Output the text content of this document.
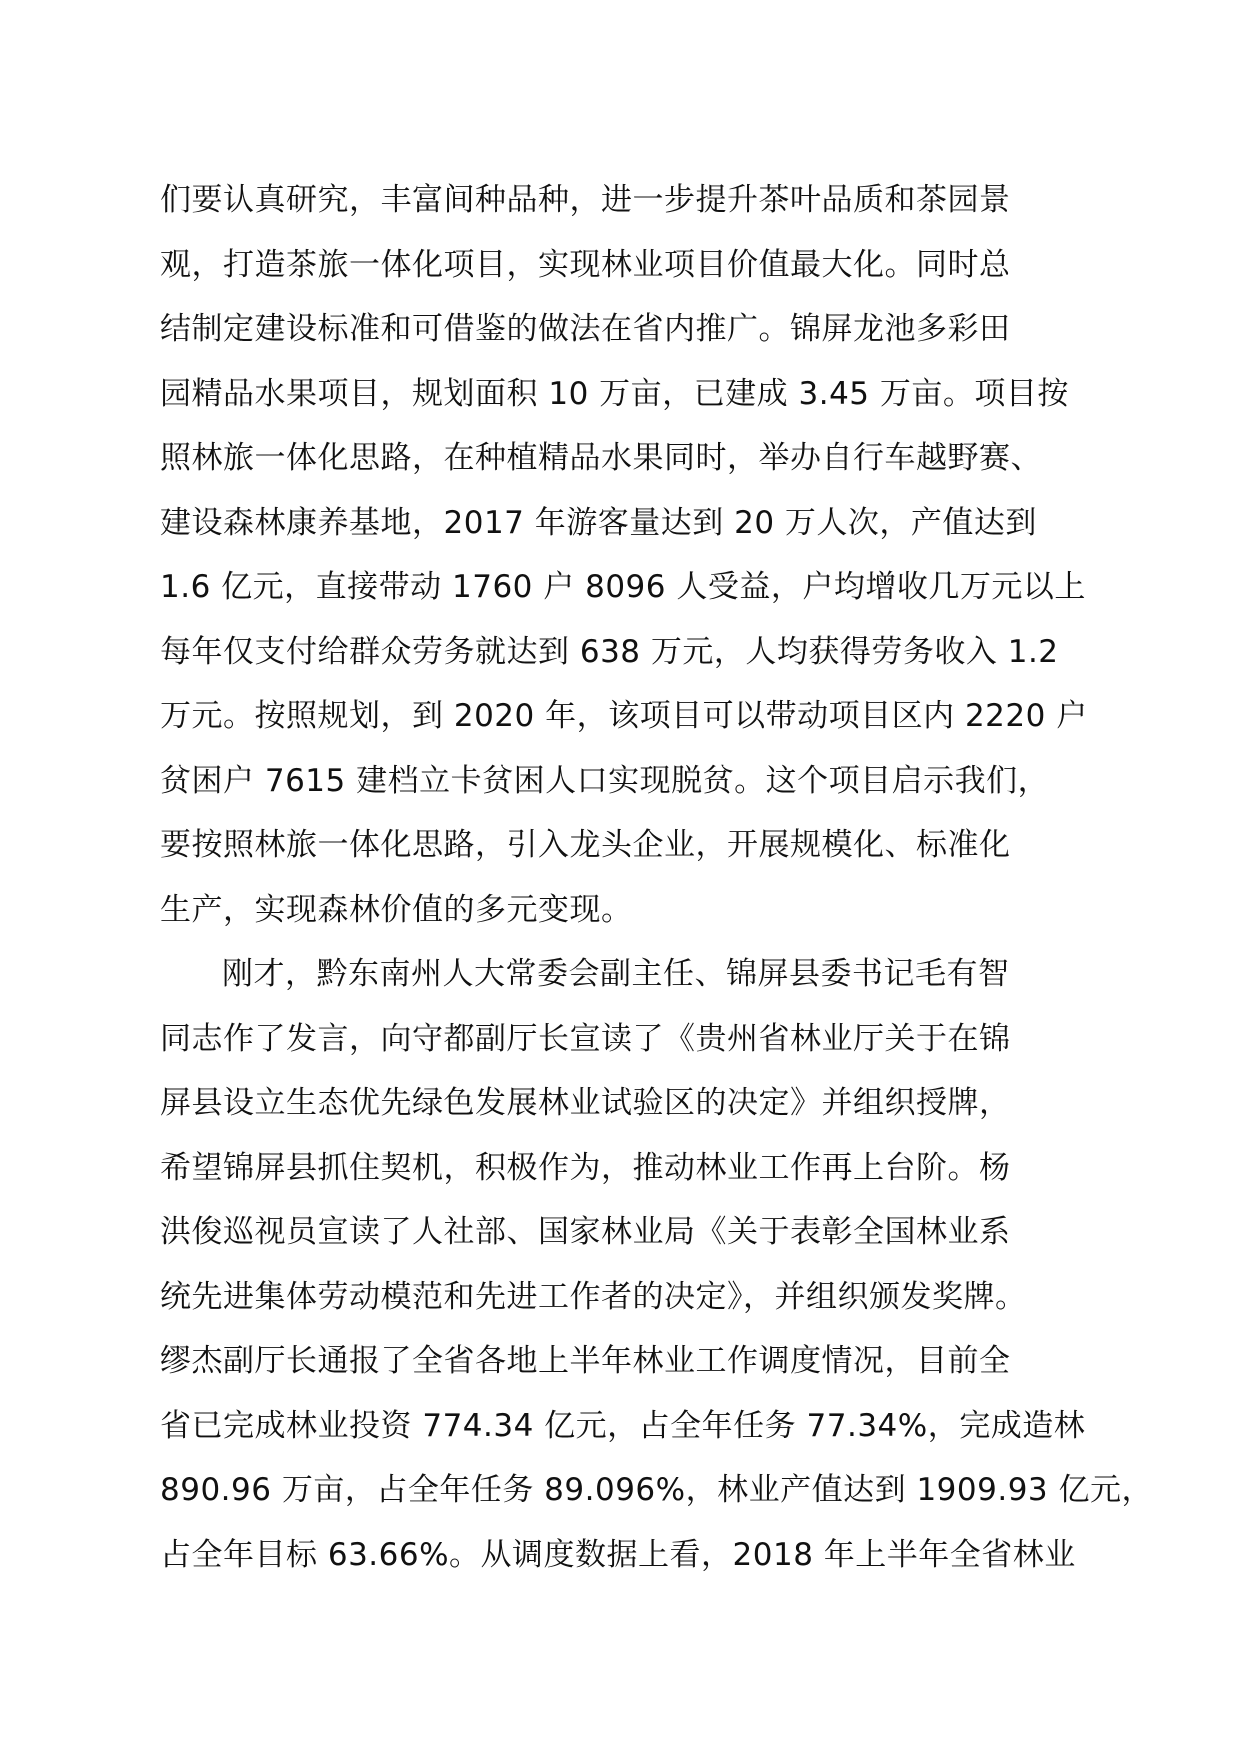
们要认真研究，丰富间种品种，进一步提升茶叶品质和茶园景
观，打造茶旅一体化项目，实现林业项目价值最大化。同时总
结制定建设标准和可借鉴的做法在省内推广。锦屏龙池多彩田
园精品水果项目，规划面积 10 万亩，已建成 3.45 万亩。项目按
照林旅一体化思路，在种植精品水果同时，举办自行车越野赛、
建设森林康养基地，2017 年游客量达到 20 万人次，产值达到
1.6 亿元，直接带动 1760 户 8096 人受益，户均增收几万元以上
每年仅支付给群众劳务就达到 638 万元，人均获得劳务收入 1.2
万元。按照规划，到 2020 年，该项目可以带动项目区内 2220 户
贫困户 7615 建档立卡贫困人口实现脱贫。这个项目启示我们，
要按照林旅一体化思路，引入龙头企业，开展规模化、标准化
生产，实现森林价值的多元变现。
刚才，黔东南州人大常委会副主任、锦屏县委书记毛有智
同志作了发言，向守都副厅长宣读了《贵州省林业厅关于在锦
屏县设立生态优先绿色发展林业试验区的决定》并组织授牌，
希望锦屏县抓住契机，积极作为，推动林业工作再上台阶。杨
洪俊巡视员宣读了人社部、国家林业局《关于表彰全国林业系
统先进集体劳动模范和先进工作者的决定》，并组织颁发奖牌。
缪杰副厅长通报了全省各地上半年林业工作调度情况，目前全
省已完成林业投资 774.34 亿元，占全年任务 77.34%，完成造林
890.96 万亩，占全年任务 89.096%，林业产值达到 1909.93 亿元，
占全年目标 63.66%。从调度数据上看，2018 年上半年全省林业
